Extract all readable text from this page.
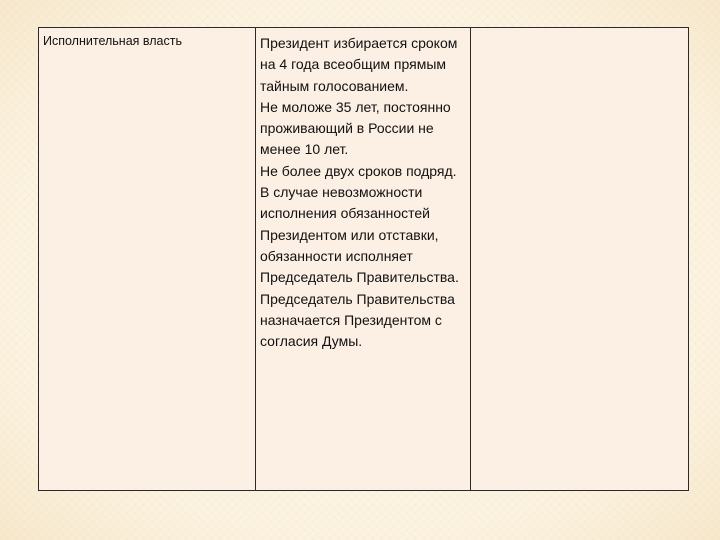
Исполнительная власть	Президент избирается сроком на 4 года всеобщим прямым тайным голосованием.

Не моложе 35 лет, постоянно проживающий в России не менее 10 лет.

Не более двух сроков подряд.

В случае невозможности исполнения обязанностей Президентом или отставки, обязанности исполняет Председатель Правительства.

Председатель Правительства назначается Президентом с согласия Думы.
